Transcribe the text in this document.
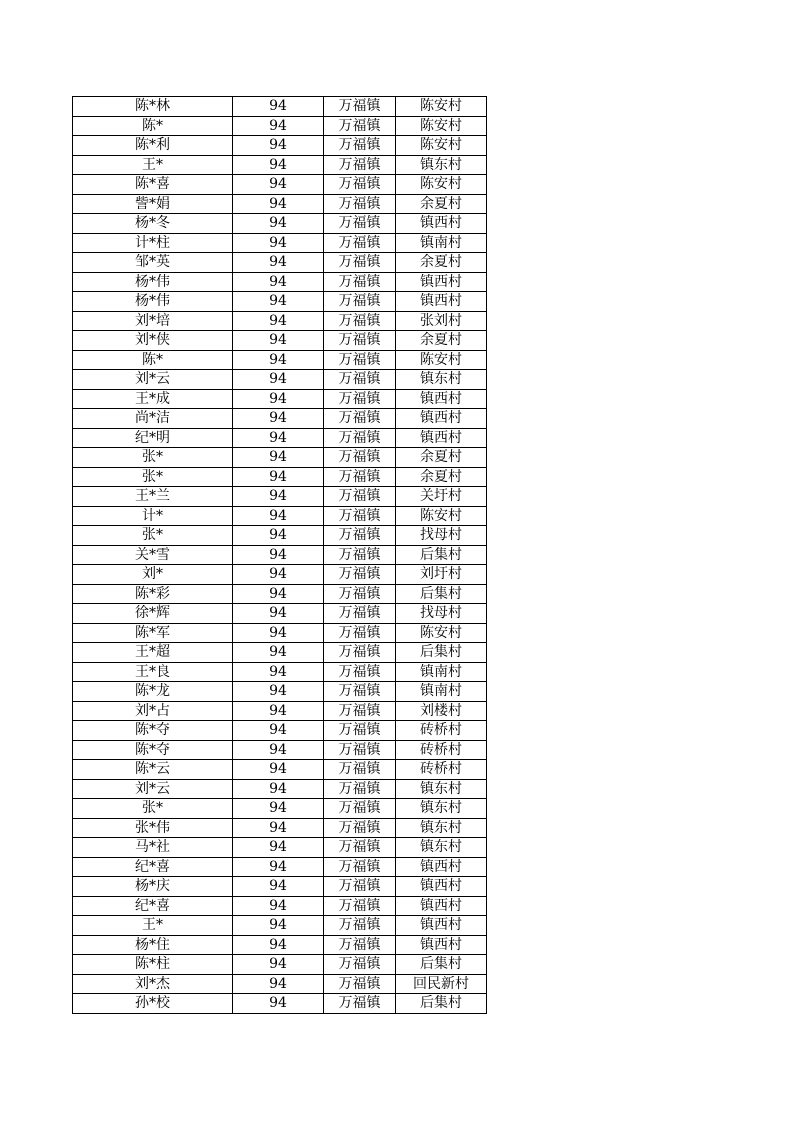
陈*林	94	万福镇	陈安村
陈*	94	万福镇	陈安村
陈*利	94	万福镇	陈安村
王*	94	万福镇	镇东村
陈*喜	94	万福镇	陈安村
訾*娟	94	万福镇	余夏村
杨*冬	94	万福镇	镇西村
计*柱	94	万福镇	镇南村
邹*英	94	万福镇	余夏村
杨*伟	94	万福镇	镇西村
杨*伟	94	万福镇	镇西村
刘*培	94	万福镇	张刘村
刘*侠	94	万福镇	余夏村
陈*	94	万福镇	陈安村
刘*云	94	万福镇	镇东村
王*成	94	万福镇	镇西村
尚*洁	94	万福镇	镇西村
纪*明	94	万福镇	镇西村
张*	94	万福镇	余夏村
张*	94	万福镇	余夏村
王*兰	94	万福镇	关圩村
计*	94	万福镇	陈安村
张*	94	万福镇	找母村
关*雪	94	万福镇	后集村
刘*	94	万福镇	刘圩村
陈*彩	94	万福镇	后集村
徐*辉	94	万福镇	找母村
陈*军	94	万福镇	陈安村
王*超	94	万福镇	后集村
王*良	94	万福镇	镇南村
陈*龙	94	万福镇	镇南村
刘*占	94	万福镇	刘楼村
陈*夺	94	万福镇	砖桥村
陈*夺	94	万福镇	砖桥村
陈*云	94	万福镇	砖桥村
刘*云	94	万福镇	镇东村
张*	94	万福镇	镇东村
张*伟	94	万福镇	镇东村
马*社	94	万福镇	镇东村
纪*喜	94	万福镇	镇西村
杨*庆	94	万福镇	镇西村
纪*喜	94	万福镇	镇西村
王*	94	万福镇	镇西村
杨*住	94	万福镇	镇西村
陈*柱	94	万福镇	后集村
刘*杰	94	万福镇	回民新村
孙*校	94	万福镇	后集村
